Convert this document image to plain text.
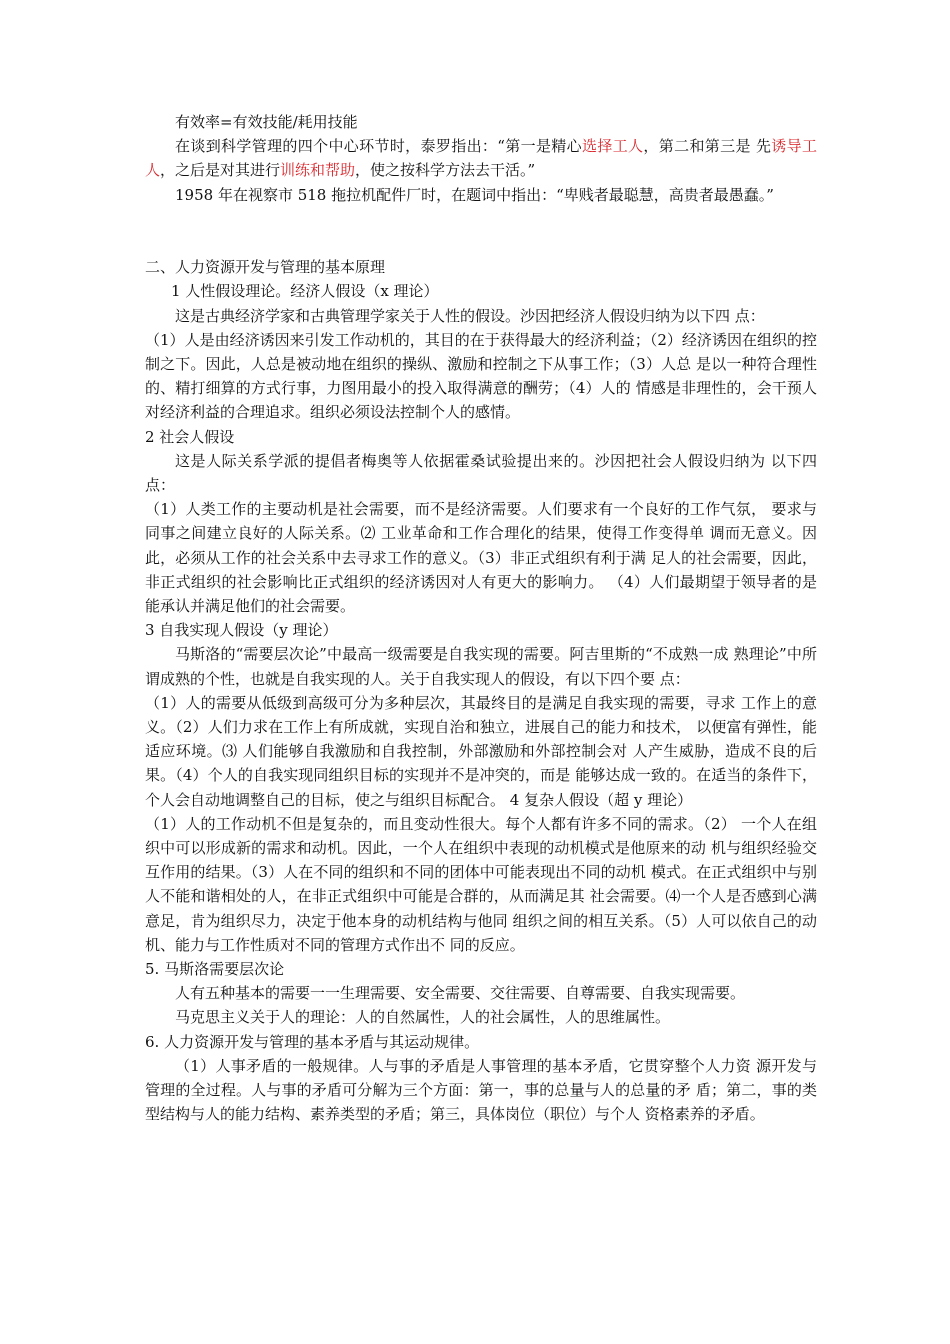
有效率=有效技能/耗用技能

在谈到科学管理的四个中心环节时，泰罗指出：“第一是精心选择工人，第二和第三是 先诱导工人，之后是对其进行训练和帮助，使之按科学方法去干活。”

1958 年在视察市 518 拖拉机配件厂时，在题词中指出：“卑贱者最聪慧，高贵者最愚蠢。”

二、人力资源开发与管理的基本原理

1 人性假设理论。经济人假设（x 理论）

这是古典经济学家和古典管理学家关于人性的假设。沙因把经济人假设归纳为以下四 点：

（1）人是由经济诱因来引发工作动机的，其目的在于获得最大的经济利益；（2）经济诱因在组织的控制之下。因此，人总是被动地在组织的操纵、激励和控制之下从事工作；（3）人总 是以一种符合理性的、精打细算的方式行事，力图用最小的投入取得满意的酬劳；（4）人的 情感是非理性的，会干预人对经济利益的合理追求。组织必须设法控制个人的感情。

2 社会人假设

这是人际关系学派的提倡者梅奥等人依据霍桑试验提出来的。沙因把社会人假设归纳为 以下四点：

（1）人类工作的主要动机是社会需要，而不是经济需要。人们要求有一个良好的工作气氛， 要求与同事之间建立良好的人际关系。⑵ 工业革命和工作合理化的结果，使得工作变得单 调而无意义。因此，必须从工作的社会关系中去寻求工作的意义。（3）非正式组织有利于满 足人的社会需要，因此，非正式组织的社会影响比正式组织的经济诱因对人有更大的影响力。 （4）人们最期望于领导者的是能承认并满足他们的社会需要。

3 自我实现人假设（y 理论）

马斯洛的“需要层次论”中最高一级需要是自我实现的需要。阿吉里斯的“不成熟一成 熟理论”中所谓成熟的个性，也就是自我实现的人。关于自我实现人的假设，有以下四个要 点：

（1）人的需要从低级到高级可分为多种层次，其最终目的是满足自我实现的需要，寻求 工作上的意义。（2）人们力求在工作上有所成就，实现自治和独立，进展自己的能力和技术， 以便富有弹性，能适应环境。⑶ 人们能够自我激励和自我控制，外部激励和外部控制会对 人产生威胁，造成不良的后果。（4）个人的自我实现同组织目标的实现并不是冲突的，而是 能够达成一致的。在适当的条件下，个人会自动地调整自己的目标，使之与组织目标配合。 4 复杂人假设（超 y 理论）

（1）人的工作动机不但是复杂的，而且变动性很大。每个人都有许多不同的需求。（2） 一个人在组织中可以形成新的需求和动机。因此，一个人在组织中表现的动机模式是他原来的动 机与组织经验交互作用的结果。（3）人在不同的组织和不同的团体中可能表现出不同的动机 模式。在正式组织中与别人不能和谐相处的人，在非正式组织中可能是合群的，从而满足其 社会需要。⑷一个人是否感到心满意足，肯为组织尽力，决定于他本身的动机结构与他同 组织之间的相互关系。（5）人可以依自己的动机、能力与工作性质对不同的管理方式作出不 同的反应。

5. 马斯洛需要层次论

人有五种基本的需要一一生理需要、安全需要、交往需要、自尊需要、自我实现需要。

马克思主义关于人的理论：人的自然属性，人的社会属性，人的思维属性。

6. 人力资源开发与管理的基本矛盾与其运动规律。

（1）人事矛盾的一般规律。人与事的矛盾是人事管理的基本矛盾，它贯穿整个人力资 源开发与管理的全过程。人与事的矛盾可分解为三个方面：第一，事的总量与人的总量的矛 盾；第二，事的类型结构与人的能力结构、素养类型的矛盾；第三，具体岗位（职位）与个人 资格素养的矛盾。
